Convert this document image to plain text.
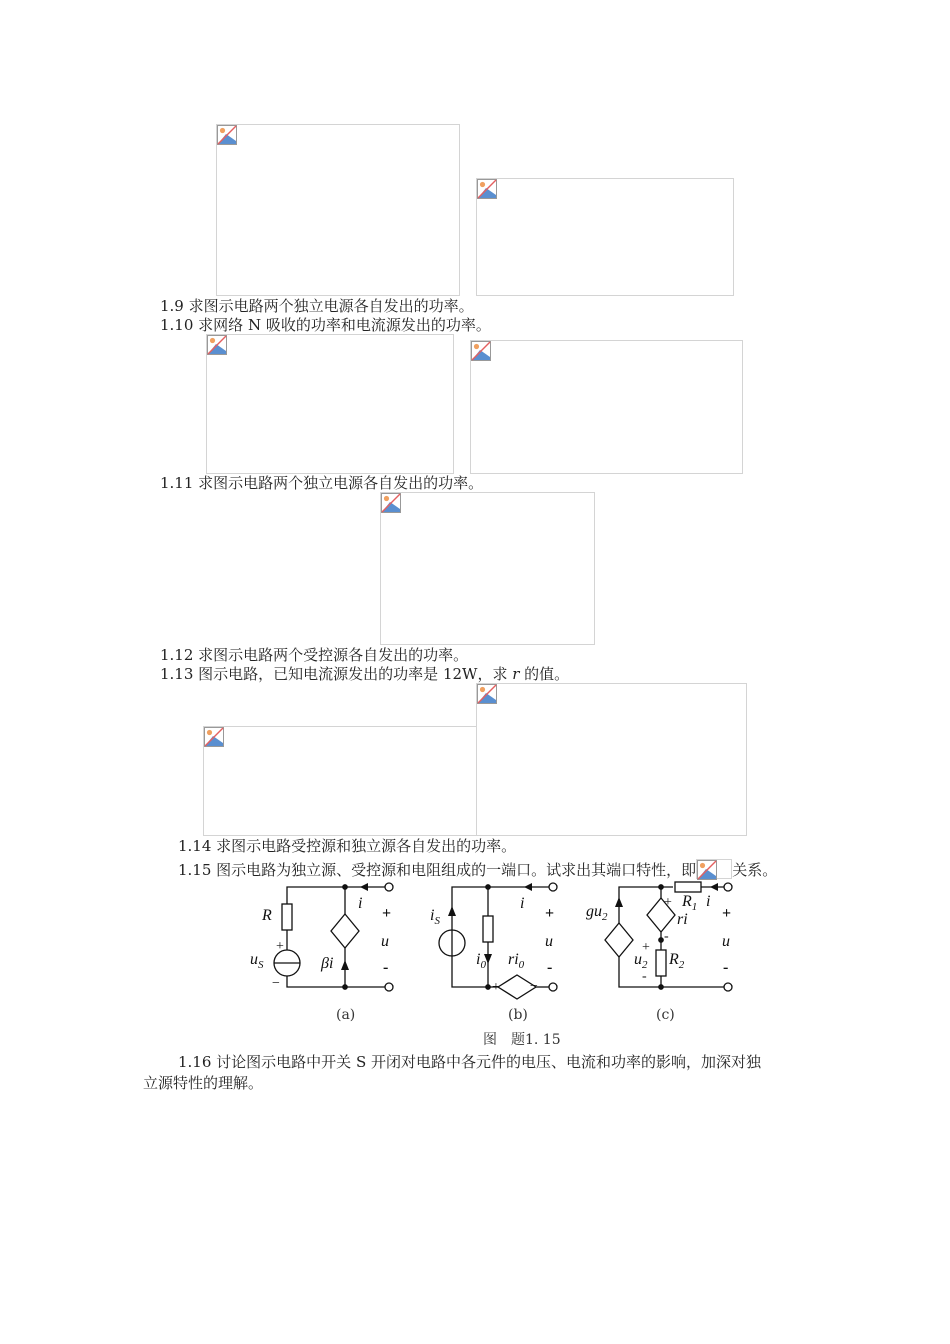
1.9 求图示电路两个独立电源各自发出的功率。
1.10 求网络 N 吸收的功率和电流源发出的功率。
1.11 求图示电路两个独立电源各自发出的功率。
1.12 求图示电路两个受控源各自发出的功率。
1.13 图示电路，已知电流源发出的功率是 12W，求 r 的值。
1.14 求图示电路受控源和独立源各自发出的功率。
1.15 图示电路为独立源、受控源和电阻组成的一端口。试求出其端口特性，即 关系。
R
+
−
$u_S$	βi
i
+
u
-
$i_S$
i
$i_0$ $ri_0$
+ −
+
u
-
$gu_2$
+
ri
-
$R_1$ i
+
$u_2$
-
$R_2$
+
u
-
(a)	(b)	(c)
图　题1. 15
1.16 讨论图示电路中开关 S 开闭对电路中各元件的电压、电流和功率的影响，加深对独
立源特性的理解。
